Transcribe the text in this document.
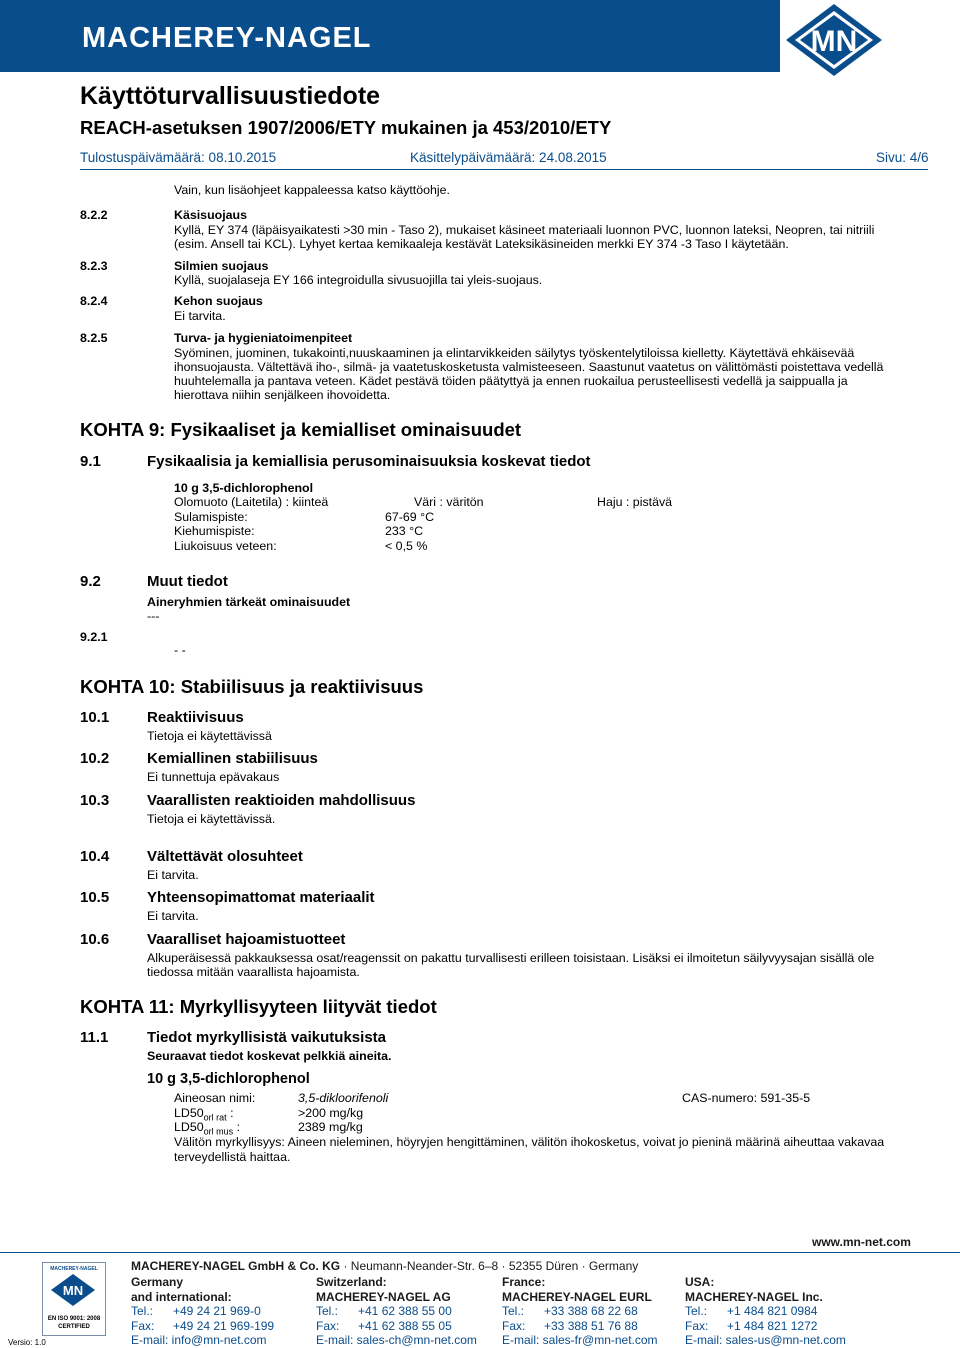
MACHEREY-NAGEL	MN
Käyttöturvallisuustiedote
REACH-asetuksen 1907/2006/ETY mukainen ja 453/2010/ETY
Tulostuspäivämäärä: 08.10.2015	Käsittelypäivämäärä: 24.08.2015	Sivu: 4/6
Vain, kun lisäohjeet kappaleessa katso käyttöohje.
8.2.2	Käsisuojaus
Kyllä, EY 374 (läpäisyaikatesti >30 min - Taso 2), mukaiset käsineet materiaali luonnon PVC, luonnon lateksi, Neopren, tai nitriili
(esim. Ansell tai KCL). Lyhyet kertaa kemikaaleja kestävät Lateksikäsineiden merkki EY 374 -3 Taso I käytetään.
8.2.3	Silmien suojaus
Kyllä, suojalaseja EY 166 integroidulla sivusuojilla tai yleis-suojaus.
8.2.4	Kehon suojaus
Ei tarvita.
8.2.5	Turva- ja hygieniatoimenpiteet
Syöminen, juominen, tukakointi,nuuskaaminen ja elintarvikkeiden säilytys työskentelytiloissa kielletty. Käytettävä ehkäisevää
ihonsuojausta. Vältettävä iho-, silmä- ja vaatetuskosketusta valmisteeseen. Saastunut vaatetus on välittömästi poistettava vedellä
huuhtelemalla ja pantava veteen. Kädet pestävä töiden päätyttyä ja ennen ruokailua perusteellisesti vedellä ja saippualla ja
hierottava niihin senjälkeen ihovoidetta.
KOHTA 9: Fysikaaliset ja kemialliset ominaisuudet
9.1	Fysikaalisia ja kemiallisia perusominaisuuksia koskevat tiedot
10 g 3,5-dichlorophenol
Olomuoto (Laitetila) : kiinteä	Väri : väritön	Haju : pistävä
Sulamispiste:	67-69 °C
Kiehumispiste:	233 °C
Liukoisuus veteen:	< 0,5 %
9.2	Muut tiedot
Aineryhmien tärkeät ominaisuudet
---
9.2.1
- -
KOHTA 10: Stabiilisuus ja reaktiivisuus
10.1	Reaktiivisuus
Tietoja ei käytettävissä
10.2	Kemiallinen stabiilisuus
Ei tunnettuja epävakaus
10.3	Vaarallisten reaktioiden mahdollisuus
Tietoja ei käytettävissä.
10.4	Vältettävät olosuhteet
Ei tarvita.
10.5	Yhteensopimattomat materiaalit
Ei tarvita.
10.6	Vaaralliset hajoamistuotteet
Alkuperäisessä pakkauksessa osat/reagenssit on pakattu turvallisesti erilleen toisistaan. Lisäksi ei ilmoitetun säilyvyysajan sisällä ole
tiedossa mitään vaarallista hajoamista.
KOHTA 11: Myrkyllisyyteen liityvät tiedot
11.1	Tiedot myrkyllisistä vaikutuksista
Seuraavat tiedot koskevat pelkkiä aineita.
10 g 3,5-dichlorophenol
Aineosan nimi:	3,5-dikloorifenoli	CAS-numero: 591-35-5
$LD50_{orl rat}$ :	>200 mg/kg
$LD50_{orl mus}$ :	2389 mg/kg
Välitön myrkyllisyys: Aineen nieleminen, höyryjen hengittäminen, välitön ihokosketus, voivat jo pieninä määrinä aiheuttaa vakavaa
terveydellistä haittaa.
MACHEREY-NAGEL GmbH & Co. KG · Neumann-Neander-Str. 6–8 · 52355 Düren · Germany
www.mn-net.com
MACHEREY-NAGEL
MN
EN ISO 9001: 2008 CERTIFIED
Versio: 1.0
Germany
and international:
Tel.: +49 24 21 969-0
Fax: +49 24 21 969-199
E-mail: info@mn-net.com
Switzerland:
MACHEREY-NAGEL AG
Tel.: +41 62 388 55 00
Fax: +41 62 388 55 05
E-mail: sales-ch@mn-net.com
France:
MACHEREY-NAGEL EURL
Tel.: +33 388 68 22 68
Fax: +33 388 51 76 88
E-mail: sales-fr@mn-net.com
USA:
MACHEREY-NAGEL Inc.
Tel.: +1 484 821 0984
Fax: +1 484 821 1272
E-mail: sales-us@mn-net.com
